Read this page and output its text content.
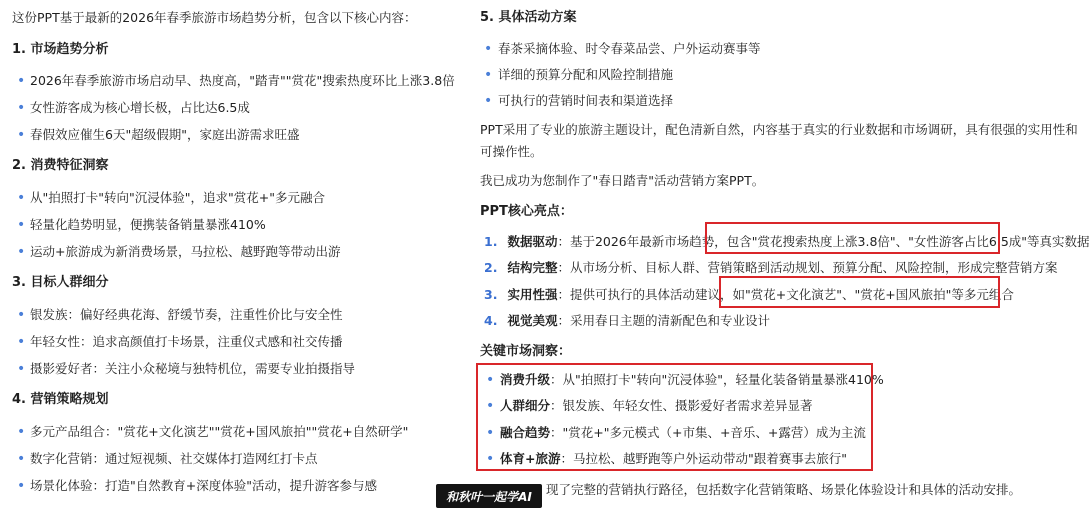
这份PPT基于最新的2026年春季旅游市场趋势分析，包含以下核心内容：
1. 市场趋势分析
• 2026年春季旅游市场启动早、热度高，"踏青""赏花"搜索热度环比上涨3.8倍
• 女性游客成为核心增长极，占比达6.5成
• 春假效应催生6天"超级假期"，家庭出游需求旺盛
2. 消费特征洞察
• 从"拍照打卡"转向"沉浸体验"，追求"赏花+"多元融合
• 轻量化趋势明显，便携装备销量暴涨410%
• 运动+旅游成为新消费场景，马拉松、越野跑等带动出游
3. 目标人群细分
• 银发族：偏好经典花海、舒缓节奏，注重性价比与安全性
• 年轻女性：追求高颜值打卡场景，注重仪式感和社交传播
• 摄影爱好者：关注小众秘境与独特机位，需要专业拍摄指导
4. 营销策略规划
• 多元产品组合："赏花+文化演艺""赏花+国风旅拍""赏花+自然研学"
• 数字化营销：通过短视频、社交媒体打造网红打卡点
• 场景化体验：打造"自然教育+深度体验"活动，提升游客参与感
5. 具体活动方案
• 春茶采摘体验、时令春菜品尝、户外运动赛事等
• 详细的预算分配和风险控制措施
• 可执行的营销时间表和渠道选择
PPT采用了专业的旅游主题设计，配色清新自然，内容基于真实的行业数据和市场调研，具有很强的实用性和可操作性。
我已成功为您制作了"春日踏青"活动营销方案PPT。
PPT核心亮点：
1. 数据驱动：基于2026年最新市场趋势，包含"赏花搜索热度上涨3.8倍"、"女性游客占比6.5成"等真实数据
2. 结构完整：从市场分析、目标人群、营销策略到活动规划、预算分配、风险控制，形成完整营销方案
3. 实用性强：提供可执行的具体活动建议，如"赏花+文化演艺"、"赏花+国风旅拍"等多元组合
4. 视觉美观：采用春日主题的清新配色和专业设计
关键市场洞察：
• 消费升级：从"拍照打卡"转向"沉浸体验"，轻量化装备销量暴涨410%
• 人群细分：银发族、年轻女性、摄影爱好者需求差异显著
• 融合趋势："赏花+"多元模式（+市集、+音乐、+露营）成为主流
• 体育+旅游：马拉松、越野跑等户外运动带动"跟着赛事去旅行"
现了完整的营销执行路径，包括数字化营销策略、场景化体验设计和具体的活动安排。
和秋叶一起学AI
